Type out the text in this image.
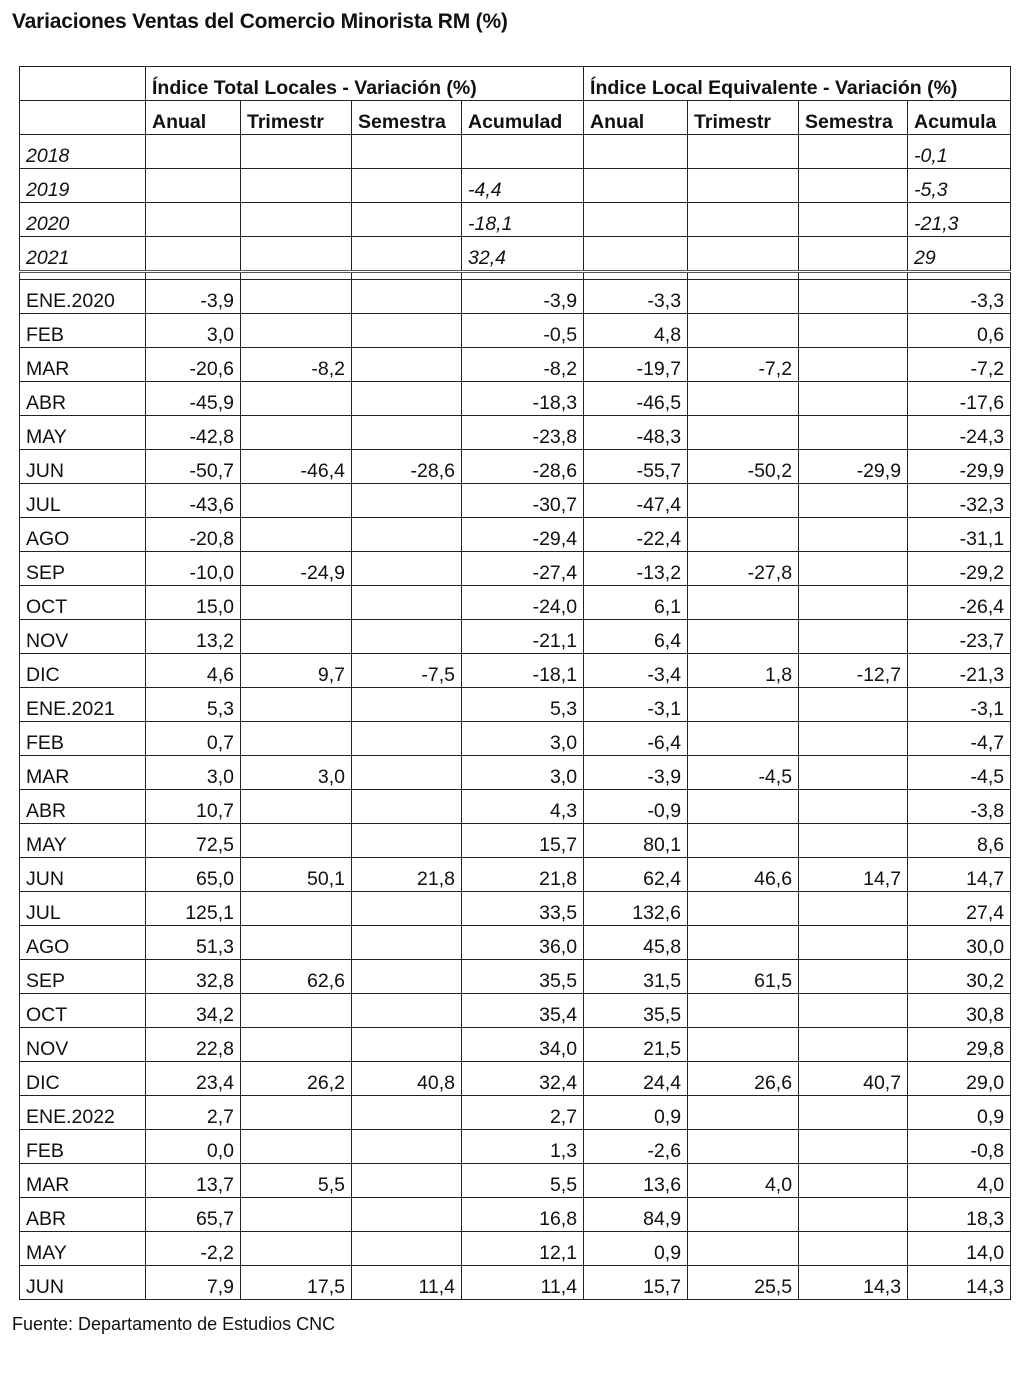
Variaciones Ventas del Comercio Minorista RM (%)
	Índice Total Locales - Variación (%)				Índice Local Equivalente - Variación (%)			
	Anual	Trimestr	Semestra	Acumulad	Anual	Trimestr	Semestra	Acumula
2018								-0,1
2019				-4,4				-5,3
2020				-18,1				-21,3
2021				32,4				29

ENE.2020	-3,9			-3,9	-3,3			-3,3
FEB	3,0			-0,5	4,8			0,6
MAR	-20,6	-8,2		-8,2	-19,7	-7,2		-7,2
ABR	-45,9			-18,3	-46,5			-17,6
MAY	-42,8			-23,8	-48,3			-24,3
JUN	-50,7	-46,4	-28,6	-28,6	-55,7	-50,2	-29,9	-29,9
JUL	-43,6			-30,7	-47,4			-32,3
AGO	-20,8			-29,4	-22,4			-31,1
SEP	-10,0	-24,9		-27,4	-13,2	-27,8		-29,2
OCT	15,0			-24,0	6,1			-26,4
NOV	13,2			-21,1	6,4			-23,7
DIC	4,6	9,7	-7,5	-18,1	-3,4	1,8	-12,7	-21,3
ENE.2021	5,3			5,3	-3,1			-3,1
FEB	0,7			3,0	-6,4			-4,7
MAR	3,0	3,0		3,0	-3,9	-4,5		-4,5
ABR	10,7			4,3	-0,9			-3,8
MAY	72,5			15,7	80,1			8,6
JUN	65,0	50,1	21,8	21,8	62,4	46,6	14,7	14,7
JUL	125,1			33,5	132,6			27,4
AGO	51,3			36,0	45,8			30,0
SEP	32,8	62,6		35,5	31,5	61,5		30,2
OCT	34,2			35,4	35,5			30,8
NOV	22,8			34,0	21,5			29,8
DIC	23,4	26,2	40,8	32,4	24,4	26,6	40,7	29,0
ENE.2022	2,7			2,7	0,9			0,9
FEB	0,0			1,3	-2,6			-0,8
MAR	13,7	5,5		5,5	13,6	4,0		4,0
ABR	65,7			16,8	84,9			18,3
MAY	-2,2			12,1	0,9			14,0
JUN	7,9	17,5	11,4	11,4	15,7	25,5	14,3	14,3
Fuente: Departamento de Estudios CNC
